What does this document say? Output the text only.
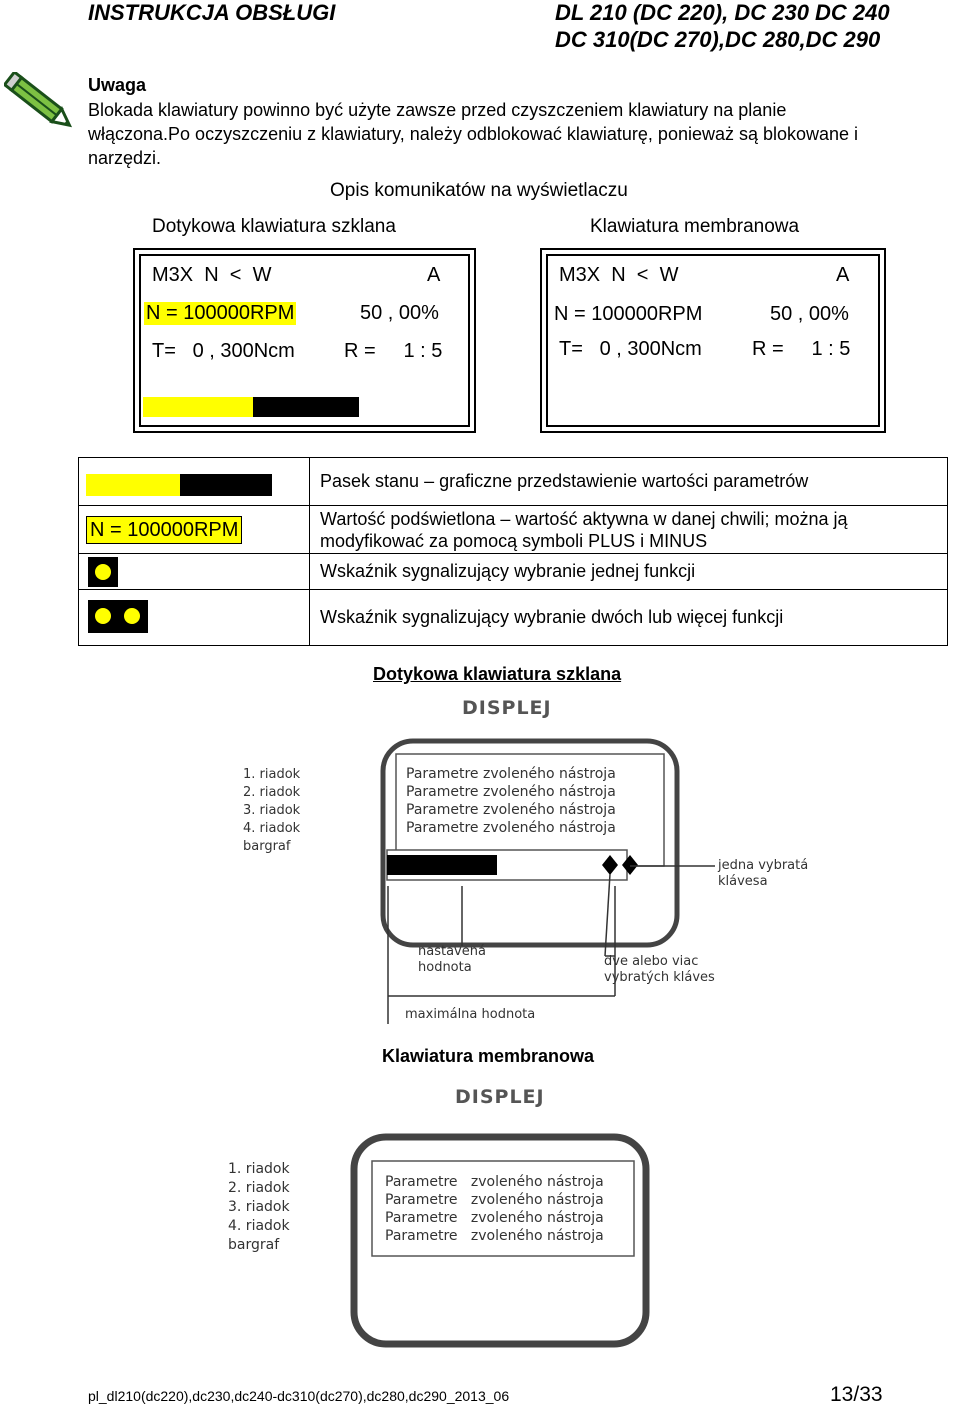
INSTRUKCJA OBSŁUGI	DL 210 (DC 220), DC 230 DC 240
DC 310(DC 270),DC 280,DC 290
Uwaga
Blokada klawiatury powinno być użyte zawsze przed czyszczeniem klawiatury na planie
włączona.Po oczyszczeniu z klawiatury, należy odblokować klawiaturę, ponieważ są blokowane i
narzędzi.
Opis komunikatów na wyświetlaczu
Dotykowa klawiatura szklana	Klawiatura membranowa
M3X  N  <  W	A
N = 100000RPM	50 , 00%
T=   0 , 300Ncm R =     1 : 5
M3X  N  <  W	A
N = 100000RPM	50 , 00%
T=   0 , 300Ncm	R =     1 : 5
	Pasek stanu – graficzne przedstawienie wartości parametrów

N = 100000RPM	Wartość podświetlona – wartość aktywna w danej chwili; można ją
modyfikować za pomocą symboli PLUS i MINUS

	Wskaźnik sygnalizujący wybranie jednej funkcji

	Wskaźnik sygnalizujący wybranie dwóch lub więcej funkcji
Dotykowa klawiatura szklana
DISPLEJ
Parametre zvoleného nástroja
Parametre zvoleného nástroja
Parametre zvoleného nástroja
Parametre zvoleného nástroja
1. riadok
2. riadok
3. riadok
4. riadok
bargraf
jedna vybratá
klávesa
nastavená
hodnota	dve alebo viac
vybratých kláves
maximálna hodnota
Klawiatura membranowa
DISPLEJ
Parametre   zvoleného nástroja
Parametre   zvoleného nástroja
Parametre   zvoleného nástroja
Parametre   zvoleného nástroja
1. riadok
2. riadok
3. riadok
4. riadok
bargraf
pl_dl210(dc220),dc230,dc240-dc310(dc270),dc280,dc290_2013_06	13/33
